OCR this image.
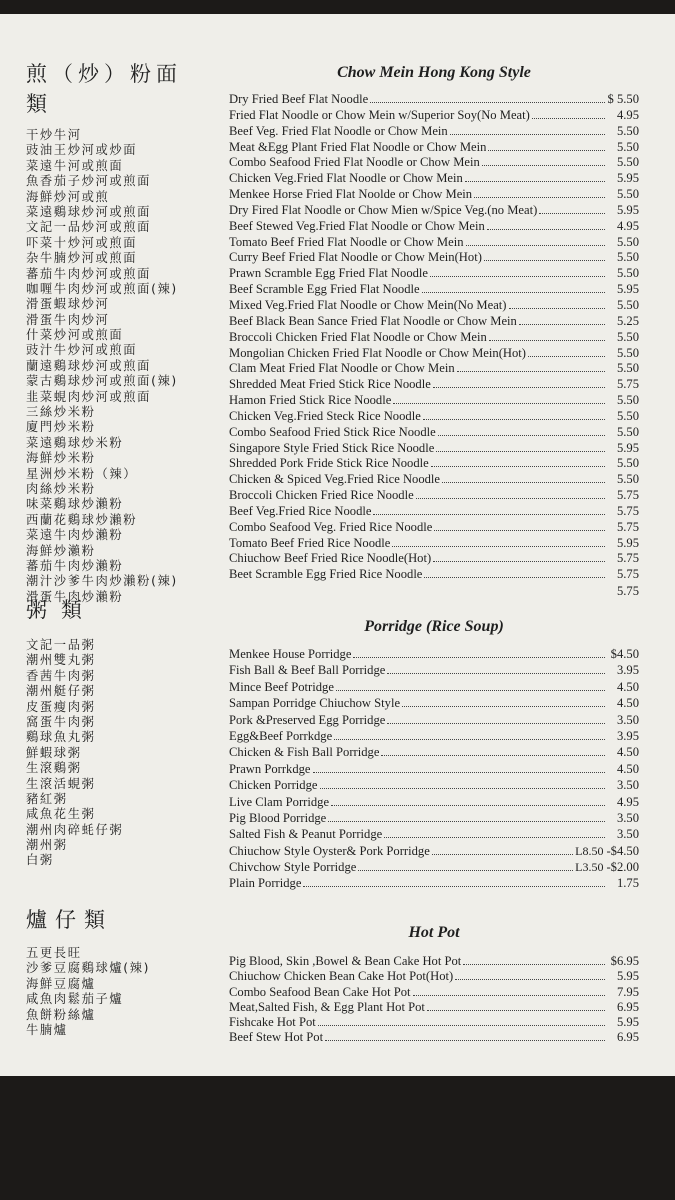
煎（炒）粉面類
干炒牛河
豉油王炒河或炒面
菜遠牛河或煎面
魚香茄子炒河或煎面
海鮮炒河或煎
菜遠鷄球炒河或煎面
文記一品炒河或煎面
吓菜十炒河或煎面
杂牛腩炒河或煎面
蕃茄牛肉炒河或煎面
咖喱牛肉炒河或煎面(辣)
滑蛋蝦球炒河
滑蛋牛肉炒河
什菜炒河或煎面
豉汁牛炒河或煎面
蘭遠鷄球炒河或煎面
蒙古鷄球炒河或煎面(辣)
韭菜蜆肉炒河或煎面
三絲炒米粉
廈門炒米粉
菜遠鷄球炒米粉
海鮮炒米粉
星洲炒米粉（辣）
肉絲炒米粉
味菜鷄球炒瀨粉
西蘭花鷄球炒瀨粉
菜遠牛肉炒瀨粉
海鮮炒瀨粉
蕃茄牛肉炒瀨粉
潮汁沙爹牛肉炒瀨粉(辣)
滑蛋牛肉炒瀨粉
粥類
文記一品粥
潮州雙丸粥
香茜牛肉粥
潮州艇仔粥
皮蛋瘦肉粥
窩蛋牛肉粥
鷄球魚丸粥
鮮蝦球粥
生滾鷄粥
生滾活蜆粥
豬紅粥
咸魚花生粥
潮州肉碎蚝仔粥
潮州粥
白粥
爐仔類
五更長旺
沙爹豆腐鷄球爐(辣)
海鮮豆腐爐
咸魚肉鬆茄子爐
魚餅粉絲爐
牛腩爐
Chow Mein Hong Kong Style
Dry Fried Beef Flat Noodle	$ 5.50
Fried Flat Noodle or Chow Mein w/Superior Soy(No Meat)	4.95
Beef Veg. Fried Flat Noodle or Chow Mein	5.50
Meat &Egg Plant Fried Flat Noodle or Chow Mein	5.50
Combo Seafood Fried Flat Noodle or Chow Mein	5.50
Chicken Veg.Fried Flat Noodle or Chow Mein	5.95
Menkee Horse Fried Flat Noolde or Chow Mein	5.50
Dry Fired Flat Noodle or Chow Mien w/Spice Veg.(no Meat)	5.95
Beef Stewed Veg.Fried Flat Noodle or Chow Mein	4.95
Tomato Beef Fried Flat Noodle or Chow Mein	5.50
Curry Beef Fried Flat Noodle or Chow Mein(Hot)	5.50
Prawn Scramble Egg Fried Flat Noodle	5.50
Beef Scramble Egg Fried Flat Noodle	5.95
Mixed Veg.Fried Flat Noodle or Chow Mein(No Meat)	5.50
Beef Black Bean Sance Fried Flat Noodle or Chow Mein	5.25
Broccoli Chicken Fried Flat Noodle or Chow Mein	5.50
Mongolian Chicken Fried Flat Noodle or Chow Mein(Hot)	5.50
Clam Meat Fried Flat Noodle or Chow Mein	5.50
Shredded Meat Fried Stick Rice Noodle	5.75
Hamon Fried Stick Rice Noodle	5.50
Chicken Veg.Fried Steck Rice Noodle	5.50
Combo Seafood Fried Stick Rice Noodle	5.50
Singapore Style Fried Stick Rice Noodle	5.95
Shredded Pork Fride Stick Rice Noodle	5.50
Chicken & Spiced Veg.Fried Rice Noodle	5.50
Broccoli Chicken Fried Rice Noodle	5.75
Beef Veg.Fried Rice Noodle	5.75
Combo Seafood Veg. Fried Rice Noodle	5.75
Tomato Beef Fried Rice Noodle	5.95
Chiuchow Beef Fried Rice Noodle(Hot)	5.75
Beet Scramble Egg Fried Rice Noodle	5.75
5.75
Porridge (Rice Soup)
Menkee House Porridge	$4.50
Fish Ball & Beef Ball Porridge	3.95
Mince Beef Potridge	4.50
Sampan Porridge Chiuchow Style	4.50
Pork &Preserved Egg Porridge	3.50
Egg&Beef Porrkdge	3.95
Chicken & Fish Ball Porridge	4.50
Prawn Porrkdge	4.50
Chicken Porridge	3.50
Live Clam Porridge	4.95
Pig Blood Porridge	3.50
Salted Fish & Peanut Porridge	3.50
Chiuchow Style Oyster& Pork Porridge	L8.50 -$4.50
Chivchow Style Porridge	L3.50 -$2.00
Plain Porridge	1.75
Hot Pot
Pig Blood, Skin ,Bowel & Bean Cake Hot Pot	$6.95
Chiuchow Chicken Bean Cake Hot Pot(Hot)	5.95
Combo Seafood Bean Cake Hot Pot	7.95
Meat,Salted Fish, & Egg Plant Hot Pot	6.95
Fishcake Hot Pot	5.95
Beef Stew Hot Pot	6.95
